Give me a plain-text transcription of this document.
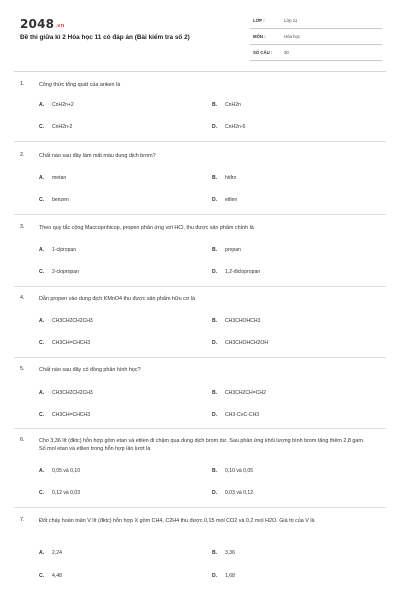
$2048^{.vn}$
Đề thi giữa kì 2 Hóa học 11 có đáp án (Bài kiểm tra số 2)
LỚP :	Lớp 11
MÔN :	Hóa học
SỐ CÂU :	30
1.	Công thức tổng quát của anken là
A. CnH2n+2	B. CnH2n
C. CnH2n-2	D. CnH2n-6
2.	Chất nào sau đây làm mất màu dung dịch brom?
A. metan	B. hiđro
C. benzen	D. etilen
3.	Theo quy tắc cộng Maccopnhicop, propen phản ứng với HCl, thu được sản phẩm chính là
A. 1-clpropan	B. propan
C. 2-clopropan	D. 1,2-đicloprop​an
4.	Dẫn propen vào dung dịch KMnO4 thu được sản phẩm hữu cơ là
A. CH3CH2CH2CH3	B. CH3CHOHCH3
C. CH3CH=CHCH3	D. CH3CHOHCH2OH
5.	Chất nào sau đây có đồng phân hình học?
A. CH3CH2CH2CH3	B. CH3CH2CH=CH2
C. CH3CH=CHCH3	D. CH3-C≡C-CH3
6.	Cho 3,36 lít (đktc) hỗn hợp gồm etan và etilen đi chậm qua dung dịch brom dư. Sau phản ứng khối lượng bình brom tăng thêm 2,8 gam. Số mol etan và etilen trong hỗn hợp lần lượt là
A. 0,05 và 0,10	B. 0,10 và 0,05
C. 0,12 và 0,03	D. 0,03 và 0,12
7.	Đốt cháy hoàn toàn V lít (đktc) hỗn hợp X gồm CH4, C2H4 thu được 0,15 mol CO2 và 0,2 mol H2O. Giá trị của V là
A. 2,24	B. 3,36
C. 4,48	D. 1,68
